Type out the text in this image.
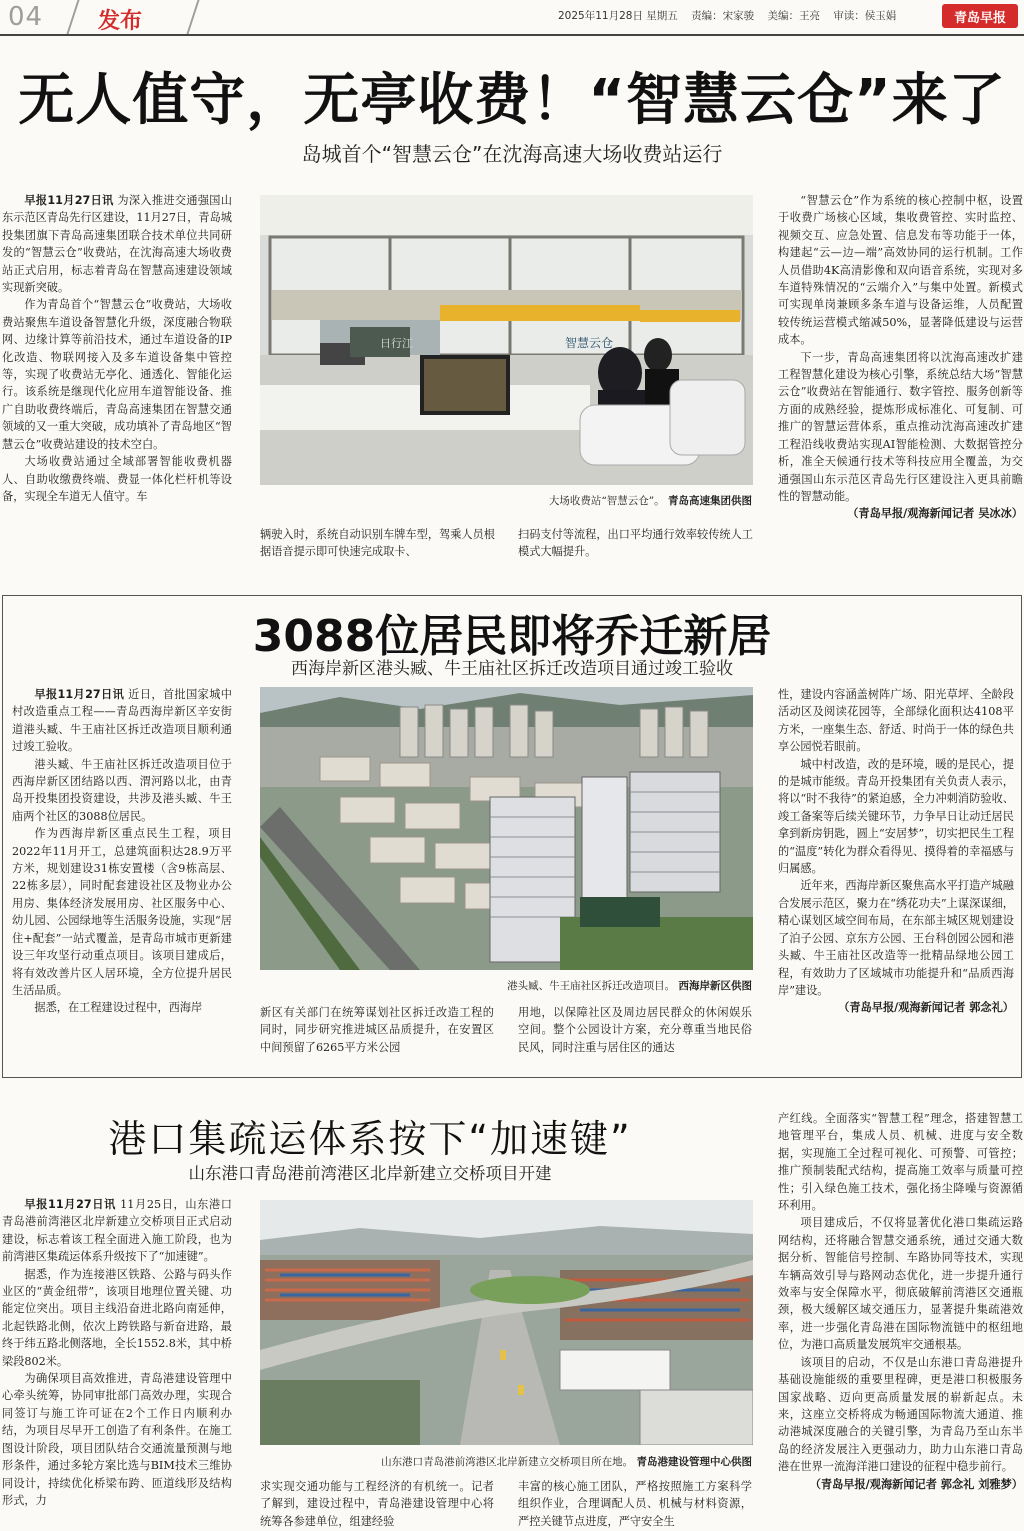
04 发布	2025年11月28日 星期五 责编：宋家骏 美编：王亮 审读：侯玉娟	青岛早报
无人值守，无亭收费！“智慧云仓”来了
岛城首个“智慧云仓”在沈海高速大场收费站运行

早报11月27日讯 为深入推进交通强国山东示范区青岛先行区建设，11月27日，青岛城投集团旗下青岛高速集团联合技术单位共同研发的“智慧云仓”收费站，在沈海高速大场收费站正式启用，标志着青岛在智慧高速建设领域实现新突破。

作为青岛首个“智慧云仓”收费站，大场收费站聚焦车道设备智慧化升级，深度融合物联网、边缘计算等前沿技术，通过车道设备的IP化改造、物联网接入及多车道设备集中管控等，实现了收费站无亭化、通透化、智能化运行。该系统是继现代化应用车道智能设备、推广自助收费终端后，青岛高速集团在智慧交通领域的又一重大突破，成功填补了青岛地区“智慧云仓”收费站建设的技术空白。

大场收费站通过全域部署智能收费机器人、自助收缴费终端、费显一体化栏杆机等设备，实现全车道无人值守。车

日行江	智慧云仓
大场收费站“智慧云仓”。 青岛高速集团供图
辆驶入时，系统自动识别车牌车型，驾乘人员根据语音提示即可快速完成取卡、
扫码支付等流程，出口平均通行效率较传统人工模式大幅提升。

“智慧云仓”作为系统的核心控制中枢，设置于收费广场核心区域，集收费管控、实时监控、视频交互、应急处置、信息发布等功能于一体，构建起“云—边—端”高效协同的运行机制。工作人员借助4K高清影像和双向语音系统，实现对多车道特殊情况的“云端介入”与集中处置。新模式可实现单岗兼顾多条车道与设备运维，人员配置较传统运营模式缩减50%，显著降低建设与运营成本。

下一步，青岛高速集团将以沈海高速改扩建工程智慧化建设为核心引擎，系统总结大场“智慧云仓”收费站在智能通行、数字管控、服务创新等方面的成熟经验，提炼形成标准化、可复制、可推广的智慧运营体系，重点推动沈海高速改扩建工程沿线收费站实现AI智能检测、大数据管控分析，准全天候通行技术等科技应用全覆盖，为交通强国山东示范区青岛先行区建设注入更具前瞻性的智慧动能。

（青岛早报/观海新闻记者 吴冰冰）
3088位居民即将乔迁新居
西海岸新区港头臧、牛王庙社区拆迁改造项目通过竣工验收

早报11月27日讯 近日，首批国家城中村改造重点工程——青岛西海岸新区辛安街道港头臧、牛王庙社区拆迁改造项目顺利通过竣工验收。

港头臧、牛王庙社区拆迁改造项目位于西海岸新区团结路以西、渭河路以北，由青岛开投集团投资建设，共涉及港头臧、牛王庙两个社区的3088位居民。

作为西海岸新区重点民生工程，项目2022年11月开工，总建筑面积达28.9万平方米，规划建设31栋安置楼（含9栋高层、22栋多层），同时配套建设社区及物业办公用房、集体经济发展用房、社区服务中心、幼儿园、公园绿地等生活服务设施，实现“居住+配套”一站式覆盖，是青岛市城市更新建设三年攻坚行动重点项目。该项目建成后，将有效改善片区人居环境，全方位提升居民生活品质。

据悉，在工程建设过程中，西海岸

港头臧、牛王庙社区拆迁改造项目。 西海岸新区供图
新区有关部门在统筹谋划社区拆迁改造工程的同时，同步研究推进城区品质提升，在安置区中间预留了6265平方米公园
用地，以保障社区及周边居民群众的休闲娱乐空间。整个公园设计方案，充分尊重当地民俗民风，同时注重与居住区的通达
性，建设内容涵盖树阵广场、阳光草坪、全龄段活动区及阅读花园等，全部绿化面积达4108平方米，一座集生态、舒适、时尚于一体的绿色共享公园悦若眼前。

城中村改造，改的是环境，暖的是民心，提的是城市能级。青岛开投集团有关负责人表示，将以“时不我待”的紧迫感，全力冲刺消防验收、竣工备案等后续关键环节，力争早日让动迁居民拿到新房钥匙，圆上“安居梦”，切实把民生工程的“温度”转化为群众看得见、摸得着的幸福感与归属感。

近年来，西海岸新区聚焦高水平打造产城融合发展示范区，聚力在“绣花功夫”上谋深谋细，精心谋划区域空间布局，在东部主城区规划建设了泊子公园、京东方公园、王台科创园公园和港头臧、牛王庙社区改造等一批精品绿地公园工程，有效助力了区域城市功能提升和“品质西海岸”建设。

（青岛早报/观海新闻记者 郭念礼）
港口集疏运体系按下“加速键”
山东港口青岛港前湾港区北岸新建立交桥项目开建

早报11月27日讯 11月25日，山东港口青岛港前湾港区北岸新建立交桥项目正式启动建设，标志着该工程全面进入施工阶段，也为前湾港区集疏运体系升级按下了“加速键”。

据悉，作为连接港区铁路、公路与码头作业区的“黄金纽带”，该项目地理位置关键、功能定位突出。项目主线沿奋进北路向南延伸，北起铁路北侧，依次上跨铁路与新奋进路，最终于纬五路北侧落地，全长1552.8米，其中桥梁段802米。

为确保项目高效推进，青岛港建设管理中心牵头统筹，协同审批部门高效办理，实现合同签订与施工许可证在2个工作日内顺利办结，为项目尽早开工创造了有利条件。在施工图设计阶段，项目团队结合交通流量预测与地形条件，通过多轮方案比选与BIM技术三维协同设计，持续优化桥梁布跨、匝道线形及结构形式，力

山东港口青岛港前湾港区北岸新建立交桥项目所在地。 青岛港建设管理中心供图
求实现交通功能与工程经济的有机统一。记者了解到，建设过程中，青岛港建设管理中心将统筹各参建单位，组建经验
丰富的核心施工团队，严格按照施工方案科学组织作业，合理调配人员、机械与材料资源，严控关键节点进度，严守安全生
产红线。全面落实“智慧工程”理念，搭建智慧工地管理平台，集成人员、机械、进度与安全数据，实现施工全过程可视化、可预警、可管控；推广预制装配式结构，提高施工效率与质量可控性；引入绿色施工技术，强化扬尘降噪与资源循环利用。

项目建成后，不仅将显著优化港口集疏运路网结构，还将融合智慧交通系统，通过交通大数据分析、智能信号控制、车路协同等技术，实现车辆高效引导与路网动态优化，进一步提升通行效率与安全保障水平，彻底破解前湾港区交通瓶颈，极大缓解区域交通压力，显著提升集疏港效率，进一步强化青岛港在国际物流链中的枢纽地位，为港口高质量发展筑牢交通根基。

该项目的启动，不仅是山东港口青岛港提升基础设施能级的重要里程碑，更是港口积极服务国家战略、迈向更高质量发展的崭新起点。未来，这座立交桥将成为畅通国际物流大通道、推动港城深度融合的关键引擎，为青岛乃至山东半岛的经济发展注入更强动力，助力山东港口青岛港在世界一流海洋港口建设的征程中稳步前行。

（青岛早报/观海新闻记者 郭念礼 刘雅梦）
